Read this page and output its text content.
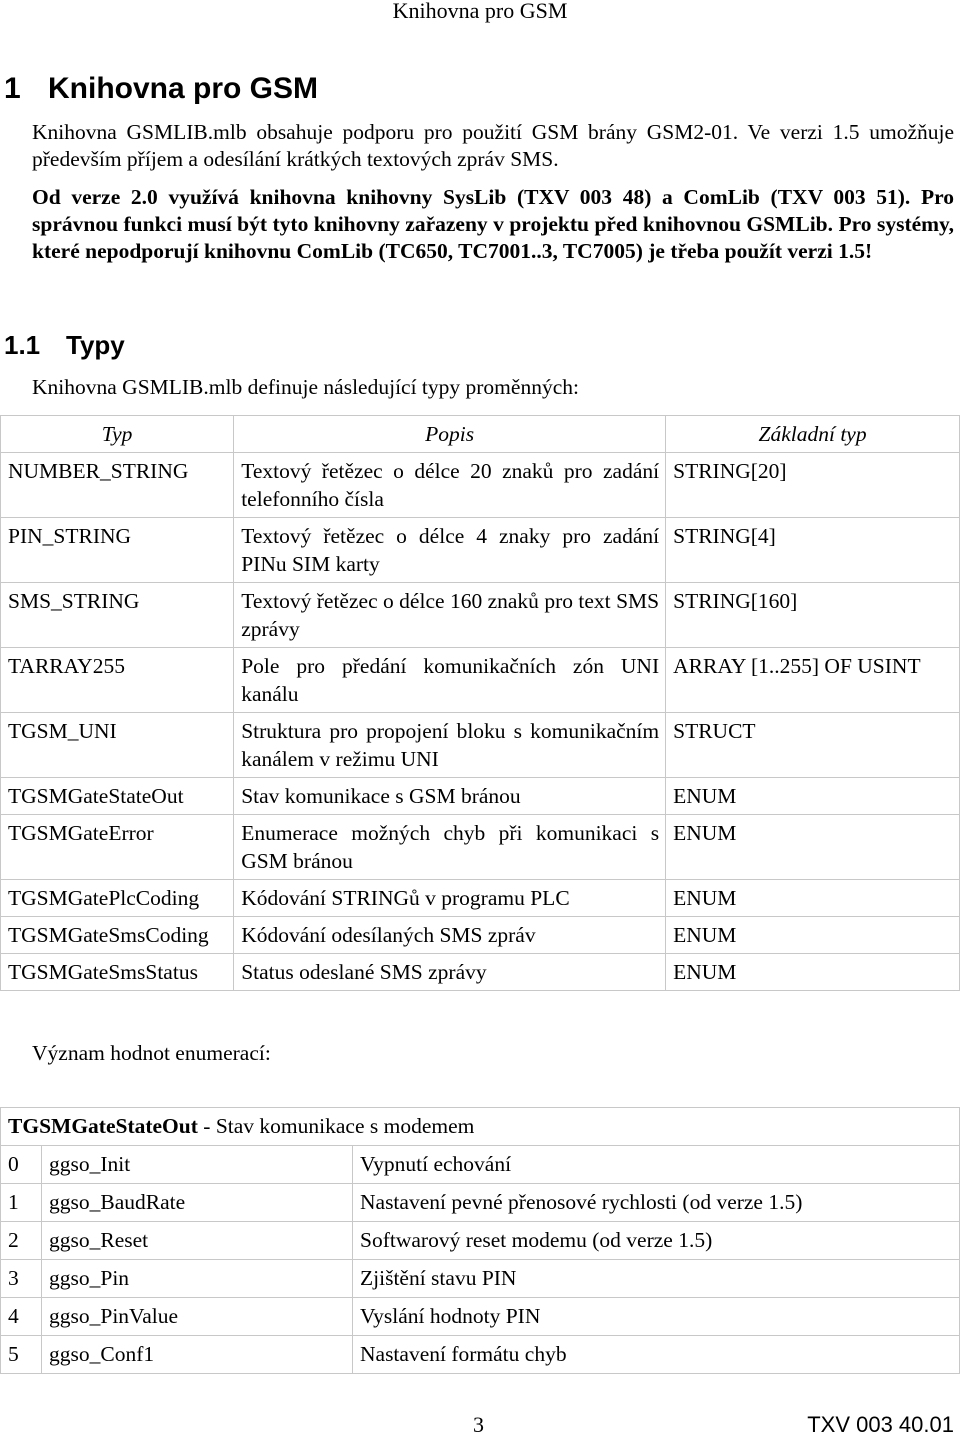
Knihovna pro GSM
1 Knihovna pro GSM
Knihovna GSMLIB.mlb obsahuje podporu pro použití GSM brány GSM2-01. Ve verzi 1.5 umožňuje především příjem a odesílání krátkých textových zpráv SMS.
Od verze 2.0 využívá knihovna knihovny SysLib (TXV 003 48) a ComLib (TXV 003 51). Pro správnou funkci musí být tyto knihovny zařazeny v projektu před knihovnou GSMLib. Pro systémy, které nepodporují knihovnu ComLib (TC650, TC7001..3, TC7005) je třeba použít verzi 1.5!
1.1 Typy
Knihovna GSMLIB.mlb definuje následující typy proměnných:
Typ	Popis	Základní typ
NUMBER_STRING	Textový řetězec o délce 20 znaků pro zadání telefonního čísla	STRING[20]
PIN_STRING	Textový řetězec o délce 4 znaky pro zadání PINu SIM karty	STRING[4]
SMS_STRING	Textový řetězec o délce 160 znaků pro text SMS zprávy	STRING[160]
TARRAY255	Pole pro předání komunikačních zón UNI kanálu	ARRAY [1..255] OF USINT
TGSM_UNI	Struktura pro propojení bloku s komunikačním kanálem v režimu UNI	STRUCT
TGSMGateStateOut	Stav komunikace s GSM bránou	ENUM
TGSMGateError	Enumerace možných chyb při komunikaci s GSM bránou	ENUM
TGSMGatePlcCoding	Kódování STRINGů v programu PLC	ENUM
TGSMGateSmsCoding	Kódování odesílaných SMS zpráv	ENUM
TGSMGateSmsStatus	Status odeslané SMS zprávy	ENUM
Význam hodnot enumerací:
TGSMGateStateOut - Stav komunikace s modemem		
0	ggso_Init	Vypnutí echování
1	ggso_BaudRate	Nastavení pevné přenosové rychlosti (od verze 1.5)
2	ggso_Reset	Softwarový reset modemu (od verze 1.5)
3	ggso_Pin	Zjištění stavu PIN
4	ggso_PinValue	Vyslání hodnoty PIN
5	ggso_Conf1	Nastavení formátu chyb
3	TXV 003 40.01
